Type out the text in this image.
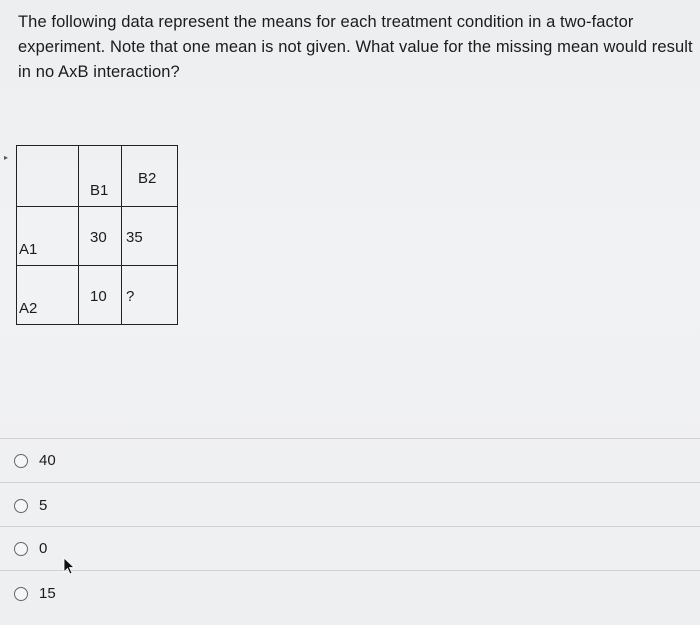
The following data represent the means for each treatment condition in a two-factor experiment. Note that one mean is not given. What value for the missing mean would result in no AxB interaction?
▸

	B1	B2

A1	30	35

A2	10	?
40
5
0
15
